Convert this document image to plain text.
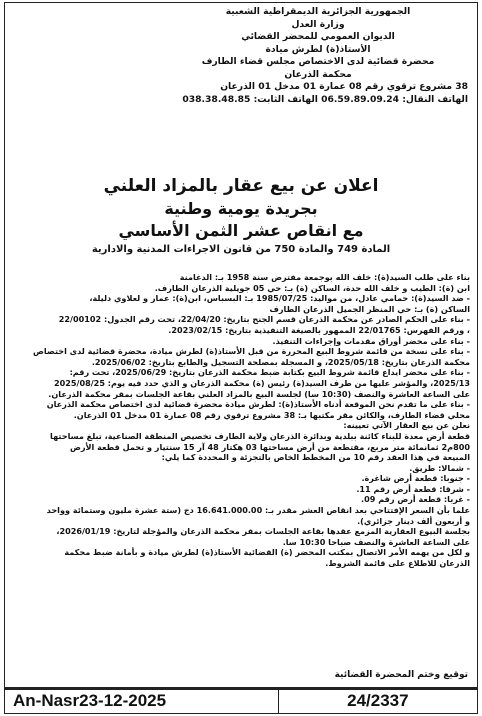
الجمهورية الجزائرية الديمقراطية الشعبية
وزارة العدل
الديوان العمومي للمحضر القضائي
الأستاذ(ة) لطرش ميادة
محضرة قضائية لدى الاختصاص مجلس قضاء الطارف
محكمة الذرعان
38 مشروع ترقوي رقم 08 عمارة 01 مدخل 01 الذرعان
الهاتف النقال: 06.59.89.09.24 الهاتف الثابت: 038.38.48.85
اعلان عن بيع عقار بالمزاد العلني
بجريدة يومية وطنية
مع انقاص عشر الثمن الأساسي
المادة 749 والمادة 750 من قانون الاجراءات المدنية والادارية

بناء على طلب السيد(ة): خلف الله بوجمعة مفترض سنة 1958 بـ: الدغامنة

ابن (ة): الطيب و خلف الله حدة، الساكن (ة) بـ: حي 05 جويلية الذرعان الطارف.

- ضد السيد(ة): حمامي عادل، من مواليد: 1985/07/25 بـ: البسباس، ابن(ة): عمار و لعلاوي دليلة،

الساكن (ة) بـ: حي المنظر الجميل الذرعان الطارف

- بناء على الحكم الصادر عن محكمة الذرعان قسم الجنح بتاريخ: 22/04/20، تحت رقم الجدول: 22/00102

، ورقم الفهرس: 22/01765 الممهور بالصيغة التنفيذية بتاريخ: 2023/02/15.

- بناء على محضر أوراق مقدمات وإجراءات التنفيذ.

- بناء على نسخة من قائمة شروط البيع المحررة من قبل الأستاذ(ة) لطرش ميادة، محضرة قضائية لدى اختصاص

محكمة الذرعان بتاريخ: 2025/05/18، و المسجلة بمصلحة التسجيل والطابع بتاريخ: 2025/06/02.

- بناء على محضر ايداع قائمة شروط البيع بكتابة ضبط محكمة الذرعان بتاريخ: 2025/06/29، تحت رقم:

2025/13، والمؤشر عليها من طرف السيد(ة) رئيس (ة) محكمة الذرعان و الذي حدد فيه يوم: 2025/08/25

على الساعة العاشرة والنصف (10:30 سا) لجلسة البيع بالمزاد العلني بقاعة الجلسات بمقر محكمة الذرعان.

- بناء على ما تقدم نحن الموقعة أدناه الأستاذ(ة): لطرش ميادة محضرة قضائية لدى اختصاص محكمة الذرعان

محلي قضاء الطارف، والكائن مقر مكتبها بـ: 38 مشروع ترقوي رقم 08 عمارة 01 مدخل 01 الذرعان.

نعلن عن بيع العقار الآتي تعيينه:

قطعة أرض معدة للبناء كائنة ببلدية وبدائرة الذرعان ولاية الطارف تخصيص المنطقة الصناعية، تبلغ مساحتها

800م2 ثمانمائة متر مربع، مقتطعة من أرض مساحتها 03 هكتار 48 آر 15 سنتيار و تحمل قطعة الأرض

المبيعة في هذا العقد رقم 10 من المخطط الخاص بالتجزئة و المحددة كما يلي:

- شمالا: طريق.

- جنوبا: قطعة أرض شاغرة.

- شرقا: قطعة أرض رقم 11.

- غربا: قطعة أرض رقم 09.

علما بأن السعر الإفتتاحي بعد انقاص العشر مقدر بـ: 16.641.000.00 دج (ستة عشرة مليون وستمائة وواحد

و أربعون ألف دينار جزائري).

بجلسة البيوع العقارية المزمع عقدها بقاعة الجلسات بمقر محكمة الذرعان والمؤجلة لتاريخ: 2026/01/19،

على الساعة العاشرة والنصف صباحا 10:30 سا.

و لكل من يهمه الأمر الاتصال بمكتب المحضر (ة) القضائية الأستاذ(ة) لطرش ميادة و بأمانة ضبط محكمة

الذرعان للاطلاع على قائمة الشروط.

توقيع وختم المحضرة القضائية
An-Nasr23-12-2025	24/2337
